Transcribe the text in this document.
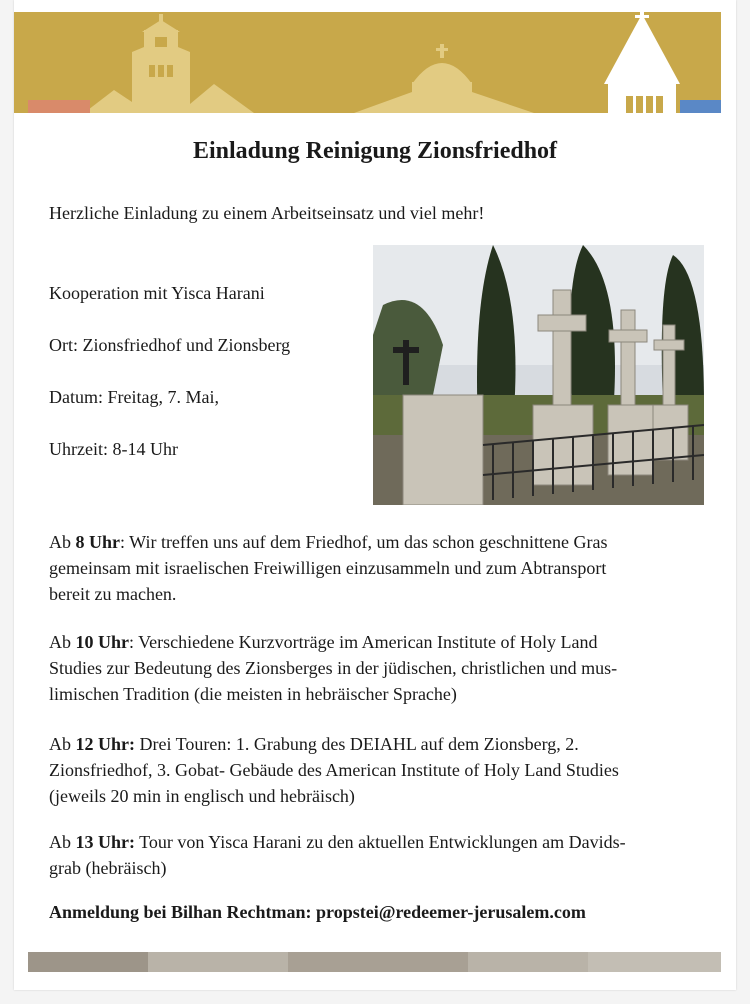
Einladung Reinigung Zionsfriedhof

Herzliche Einladung zu einem Arbeitseinsatz und viel mehr!

Kooperation mit Yisca Harani
Ort: Zionsfriedhof und Zionsberg
Datum: Freitag, 7. Mai,
Uhrzeit: 8-14 Uhr
Ab 8 Uhr: Wir treffen uns auf dem Friedhof, um das schon geschnittene Gras
gemeinsam mit israelischen Freiwilligen einzusammeln und zum Abtransport
bereit zu machen.
Ab 10 Uhr: Verschiedene Kurzvorträge im American Institute of Holy Land
Studies zur Bedeutung des Zionsberges in der jüdischen, christlichen und mus-
limischen Tradition (die meisten in hebräischer Sprache)
Ab 12 Uhr: Drei Touren: 1. Grabung des DEIAHL auf dem Zionsberg, 2.
Zionsfriedhof, 3. Gobat- Gebäude des American Institute of Holy Land Studies
(jeweils 20 min in englisch und hebräisch)
Ab 13 Uhr: Tour von Yisca Harani zu den aktuellen Entwicklungen am Davids-
grab (hebräisch)

Anmeldung bei Bilhan Rechtman: propstei@redeemer-jerusalem.com
